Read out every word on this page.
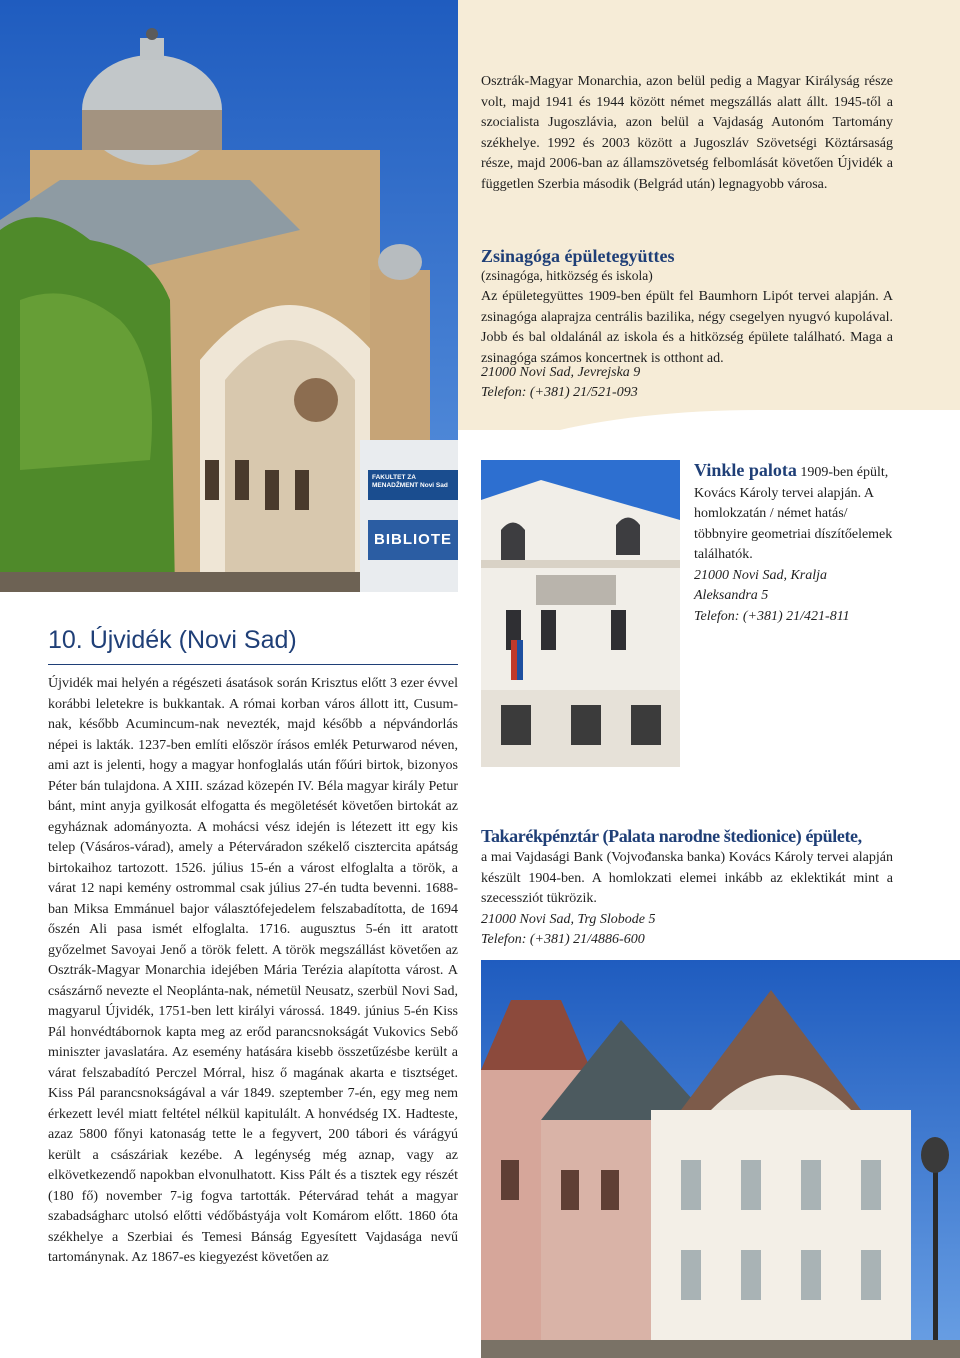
FAKULTET ZA MENADŽMENT Novi Sad
BIBLIOTE
Osztrák-Magyar Monarchia, azon belül pedig a Magyar Királyság része volt, majd 1941 és 1944 között német megszállás alatt állt. 1945-től a szocialista Jugoszlávia, azon belül a Vajdaság Autonóm Tartomány székhelye. 1992 és 2003 között a Jugoszláv Szövetségi Köztársaság része, majd 2006-ban az államszövetség felbomlását követően Újvidék a független Szerbia második (Belgrád után) legnagyobb városa.
Zsinagóga épületegyüttes
(zsinagóga, hitközség és iskola)
Az épületegyüttes 1909-ben épült fel Baumhorn Lipót tervei alapján. A zsinagóga alaprajza centrális bazilika, négy csegelyen nyugvó kupolával. Jobb és bal oldalánál az iskola és a hitközség épülete található. Maga a zsinagóga számos koncertnek is otthont ad.
21000 Novi Sad, Jevrejska 9
Telefon: (+381) 21/521-093
Vinkle palota 1909-ben épült, Kovács Károly tervei alapján. A homlokzatán / német hatás/ többnyire geometriai díszítőelemek találhatók.
21000 Novi Sad, Kralja Aleksandra 5
Telefon: (+381) 21/421-811
10. Újvidék (Novi Sad)
Újvidék mai helyén a régészeti ásatások során Krisztus előtt 3 ezer évvel korábbi leletekre is bukkantak. A római korban város állott itt, Cusum-nak, később Acumincum-nak nevezték, majd később a népvándorlás népei is lakták. 1237-ben említi először írásos emlék Peturwarod néven, ami azt is jelenti, hogy a magyar honfoglalás után főúri birtok, bizonyos Péter bán tulajdona. A XIII. század közepén IV. Béla magyar király Petur bánt, mint anyja gyilkosát elfogatta és megöletését követően birtokát az egyháznak adományozta. A mohácsi vész idején is létezett itt egy kis telep (Vásáros-várad), amely a Péterváradon székelő cisztercita apátság birtokaihoz tartozott. 1526. július 15-én a várost elfoglalta a török, a várat 12 napi kemény ostrommal csak július 27-én tudta bevenni. 1688-ban Miksa Emmánuel bajor választófejedelem felszabadította, de 1694 őszén Ali pasa ismét elfoglalta. 1716. augusztus 5-én itt aratott győzelmet Savoyai Jenő a török felett. A török megszállást követően az Osztrák-Magyar Monarchia idejében Mária Terézia alapította várost. A császárnő nevezte el Neoplánta-nak, németül Neusatz, szerbül Novi Sad, magyarul Újvidék, 1751-ben lett királyi várossá. 1849. június 5-én Kiss Pál honvédtábornok kapta meg az erőd parancsnokságát Vukovics Sebő miniszter javaslatára. Az esemény hatására kisebb összetűzésbe került a várat felszabadító Perczel Mórral, hisz ő magának akarta e tisztséget. Kiss Pál parancsnokságával a vár 1849. szeptember 7-én, egy meg nem érkezett levél miatt feltétel nélkül kapitulált. A honvédség IX. Hadteste, azaz 5800 főnyi katonaság tette le a fegyvert, 200 tábori és várágyú került a császáriak kezébe. A legénység még aznap, vagy az elkövetkezendő napokban elvonulhatott. Kiss Pált és a tisztek egy részét (180 fő) november 7-ig fogva tartották. Pétervárad tehát a magyar szabadságharc utolsó előtti védőbástyája volt Komárom előtt. 1860 óta székhelye a Szerbiai és Temesi Bánság Egyesített Vajdasága nevű tartománynak. Az 1867-es kiegyezést követően az
Takarékpénztár (Palata narodne štedionice) épülete,
a mai Vajdasági Bank (Vojvođanska banka) Kovács Károly tervei alapján készült 1904-ben. A homlokzati elemei inkább az eklektikát mint a szecessziót tükrözik.
21000 Novi Sad, Trg Slobode 5
Telefon: (+381) 21/4886-600
